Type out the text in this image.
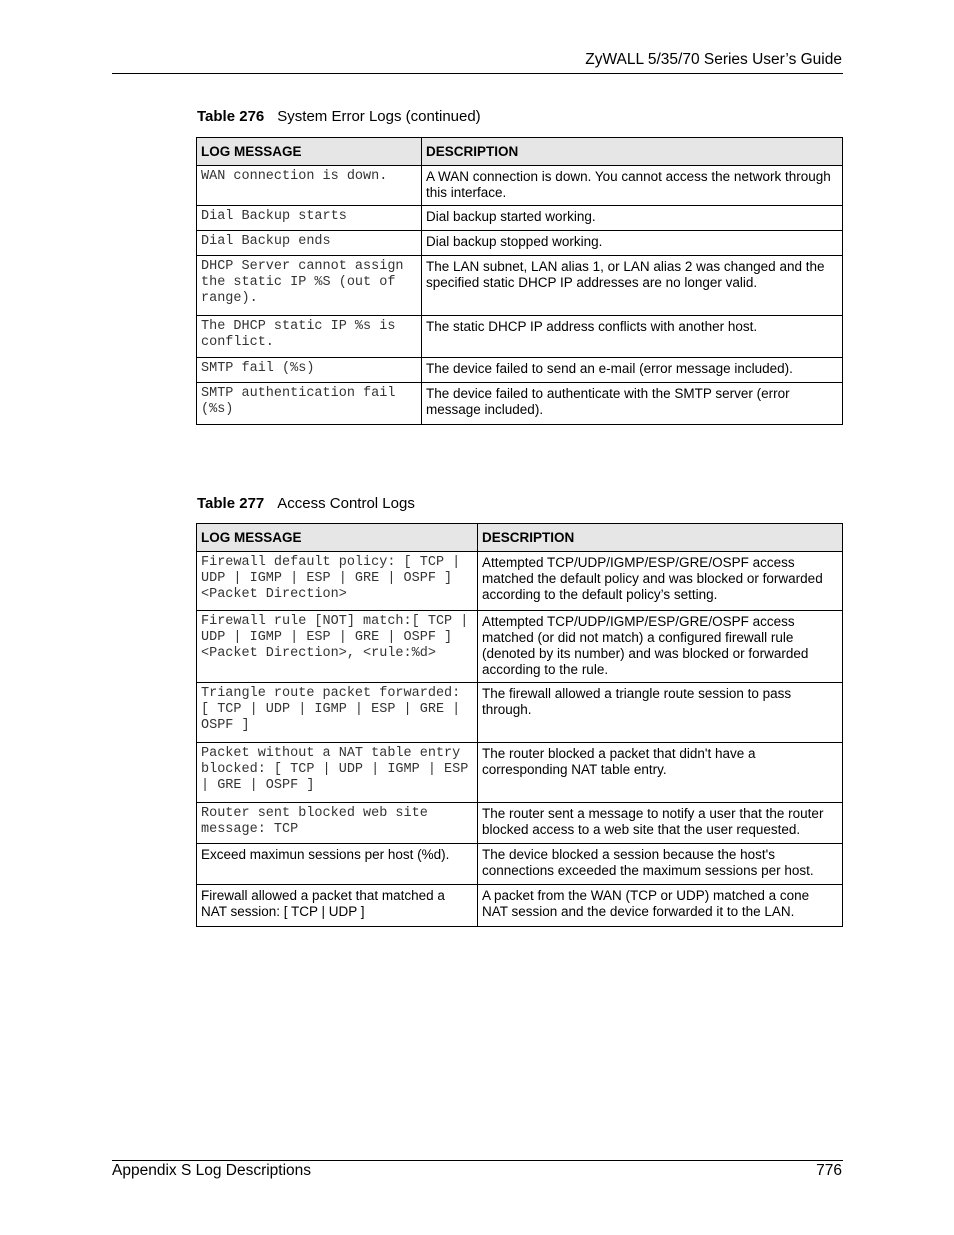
ZyWALL 5/35/70 Series User’s Guide
Table 276 System Error Logs (continued)
LOG MESSAGE	DESCRIPTION
WAN connection is down.	A WAN connection is down. You cannot access the network through this interface.
Dial Backup starts	Dial backup started working.
Dial Backup ends	Dial backup stopped working.
DHCP Server cannot assign the static IP %S (out of range).	The LAN subnet, LAN alias 1, or LAN alias 2 was changed and the specified static DHCP IP addresses are no longer valid.
The DHCP static IP %s is conflict.	The static DHCP IP address conflicts with another host.
SMTP fail (%s)	The device failed to send an e-mail (error message included).
SMTP authentication fail (%s)	The device failed to authenticate with the SMTP server (error message included).
Table 277 Access Control Logs
LOG MESSAGE	DESCRIPTION
Firewall default policy: [ TCP | UDP | IGMP | ESP | GRE | OSPF ] <Packet Direction>	Attempted TCP/UDP/IGMP/ESP/GRE/OSPF access matched the default policy and was blocked or forwarded according to the default policy’s setting.
Firewall rule [NOT] match:[ TCP | UDP | IGMP | ESP | GRE | OSPF ] <Packet Direction>, <rule:%d>	Attempted TCP/UDP/IGMP/ESP/GRE/OSPF access matched (or did not match) a configured firewall rule (denoted by its number) and was blocked or forwarded according to the rule.
Triangle route packet forwarded: [ TCP | UDP | IGMP | ESP | GRE | OSPF ]	The firewall allowed a triangle route session to pass through.
Packet without a NAT table entry blocked: [ TCP | UDP | IGMP | ESP | GRE | OSPF ]	The router blocked a packet that didn't have a corresponding NAT table entry.
Router sent blocked web site message: TCP	The router sent a message to notify a user that the router blocked access to a web site that the user requested.
Exceed maximun sessions per host (%d).	The device blocked a session because the host's connections exceeded the maximum sessions per host.
Firewall allowed a packet that matched a NAT session: [ TCP | UDP ]	A packet from the WAN (TCP or UDP) matched a cone NAT session and the device forwarded it to the LAN.
Appendix S Log Descriptions	776
